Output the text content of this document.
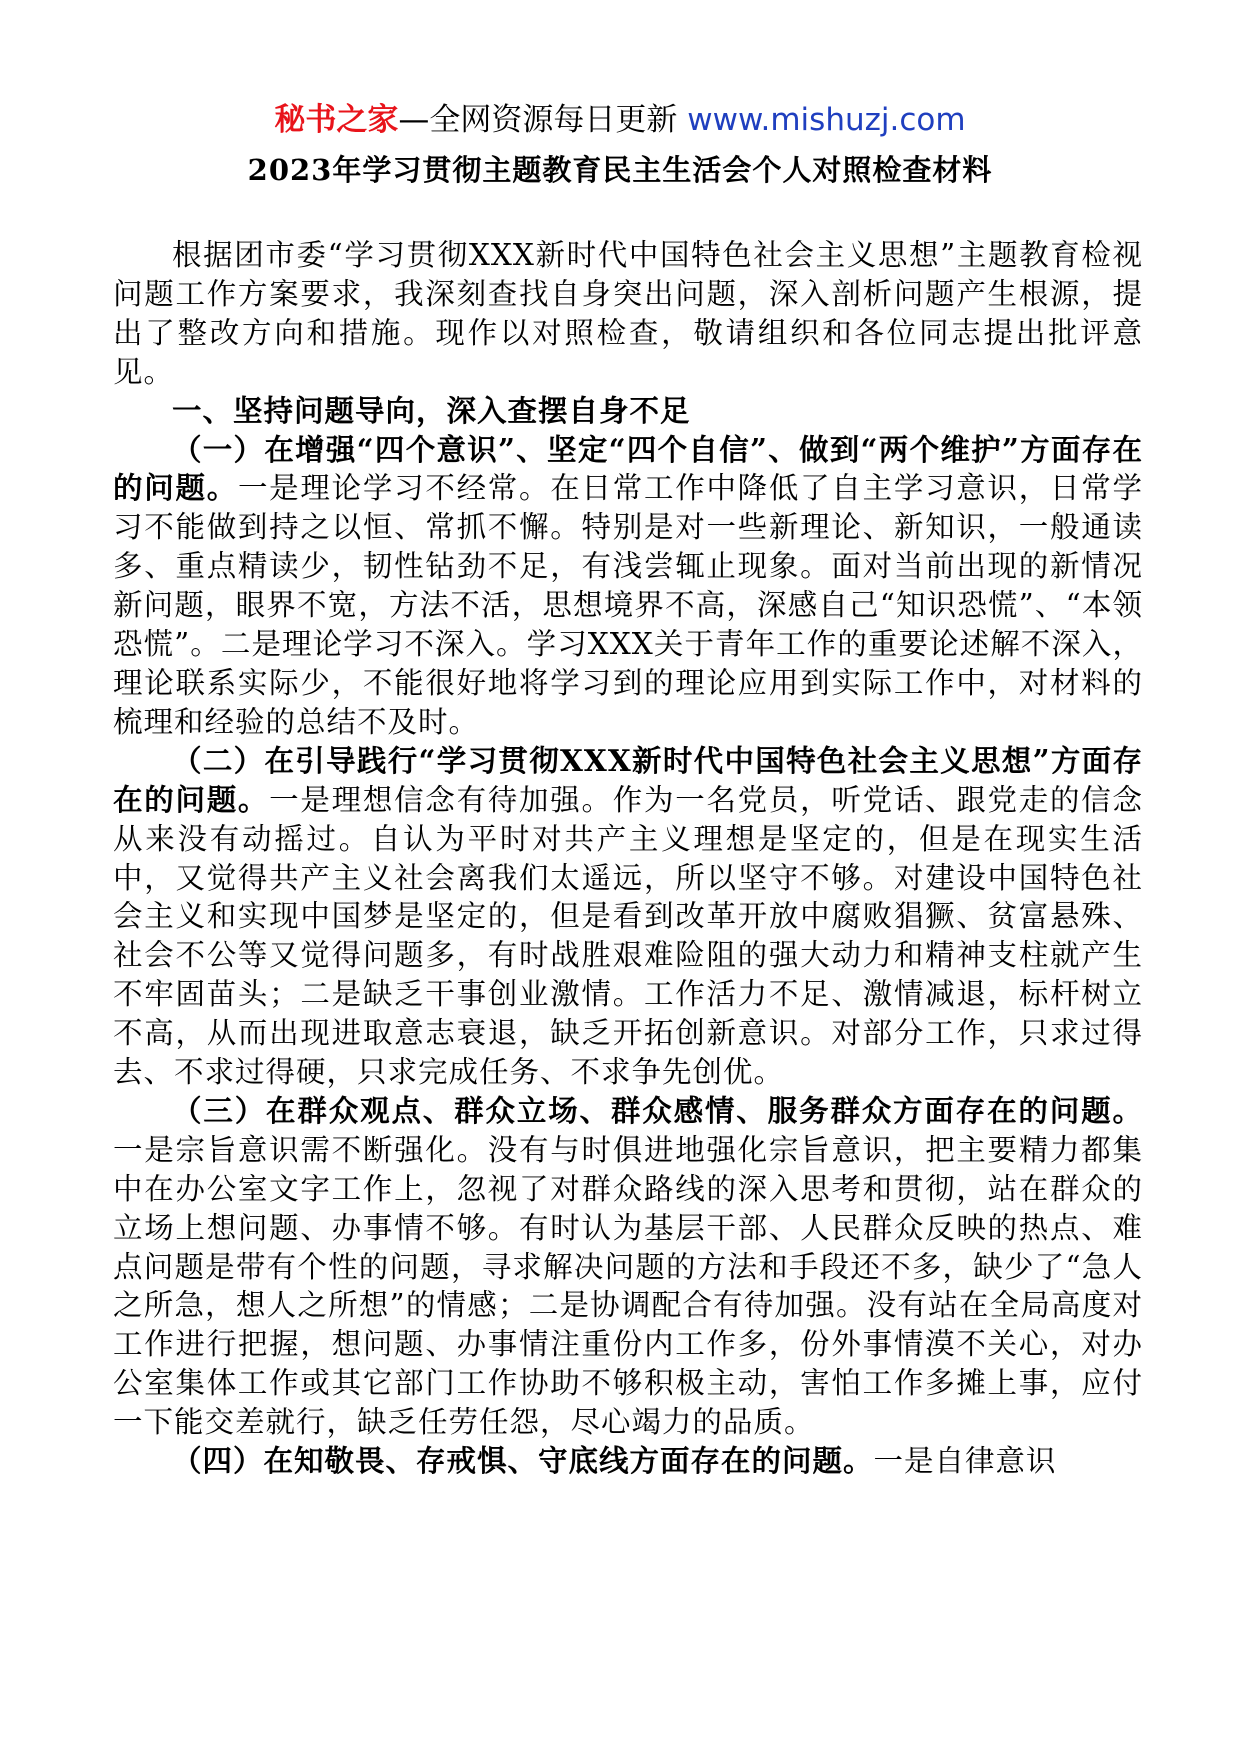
秘书之家—全网资源每日更新 www.mishuzj.com
2023年学习贯彻主题教育民主生活会个人对照检查材料

根据团市委“学习贯彻XXX新时代中国特色社会主义思想”主题教育检视问题工作方案要求，我深刻查找自身突出问题，深入剖析问题产生根源，提出了整改方向和措施。现作以对照检查，敬请组织和各位同志提出批评意见。

一、坚持问题导向，深入查摆自身不足

（一）在增强“四个意识”、坚定“四个自信”、做到“两个维护”方面存在的问题。一是理论学习不经常。在日常工作中降低了自主学习意识，日常学习不能做到持之以恒、常抓不懈。特别是对一些新理论、新知识，一般通读多、重点精读少，韧性钻劲不足，有浅尝辄止现象。面对当前出现的新情况新问题，眼界不宽，方法不活，思想境界不高，深感自己“知识恐慌”、“本领恐慌”。二是理论学习不深入。学习XXX关于青年工作的重要论述解不深入，理论联系实际少，不能很好地将学习到的理论应用到实际工作中，对材料的梳理和经验的总结不及时。

（二）在引导践行“学习贯彻XXX新时代中国特色社会主义思想”方面存在的问题。一是理想信念有待加强。作为一名党员，听党话、跟党走的信念从来没有动摇过。自认为平时对共产主义理想是坚定的，但是在现实生活中，又觉得共产主义社会离我们太遥远，所以坚守不够。对建设中国特色社会主义和实现中国梦是坚定的，但是看到改革开放中腐败猖獗、贫富悬殊、社会不公等又觉得问题多，有时战胜艰难险阻的强大动力和精神支柱就产生不牢固苗头；二是缺乏干事创业激情。工作活力不足、激情减退，标杆树立不高，从而出现进取意志衰退，缺乏开拓创新意识。对部分工作，只求过得去、不求过得硬，只求完成任务、不求争先创优。

（三）在群众观点、群众立场、群众感情、服务群众方面存在的问题。一是宗旨意识需不断强化。没有与时俱进地强化宗旨意识，把主要精力都集中在办公室文字工作上，忽视了对群众路线的深入思考和贯彻，站在群众的立场上想问题、办事情不够。有时认为基层干部、人民群众反映的热点、难点问题是带有个性的问题，寻求解决问题的方法和手段还不多，缺少了“急人之所急，想人之所想”的情感；二是协调配合有待加强。没有站在全局高度对工作进行把握，想问题、办事情注重份内工作多，份外事情漠不关心，对办公室集体工作或其它部门工作协助不够积极主动，害怕工作多摊上事，应付一下能交差就行，缺乏任劳任怨，尽心竭力的品质。

（四）在知敬畏、存戒惧、守底线方面存在的问题。一是自律意识
